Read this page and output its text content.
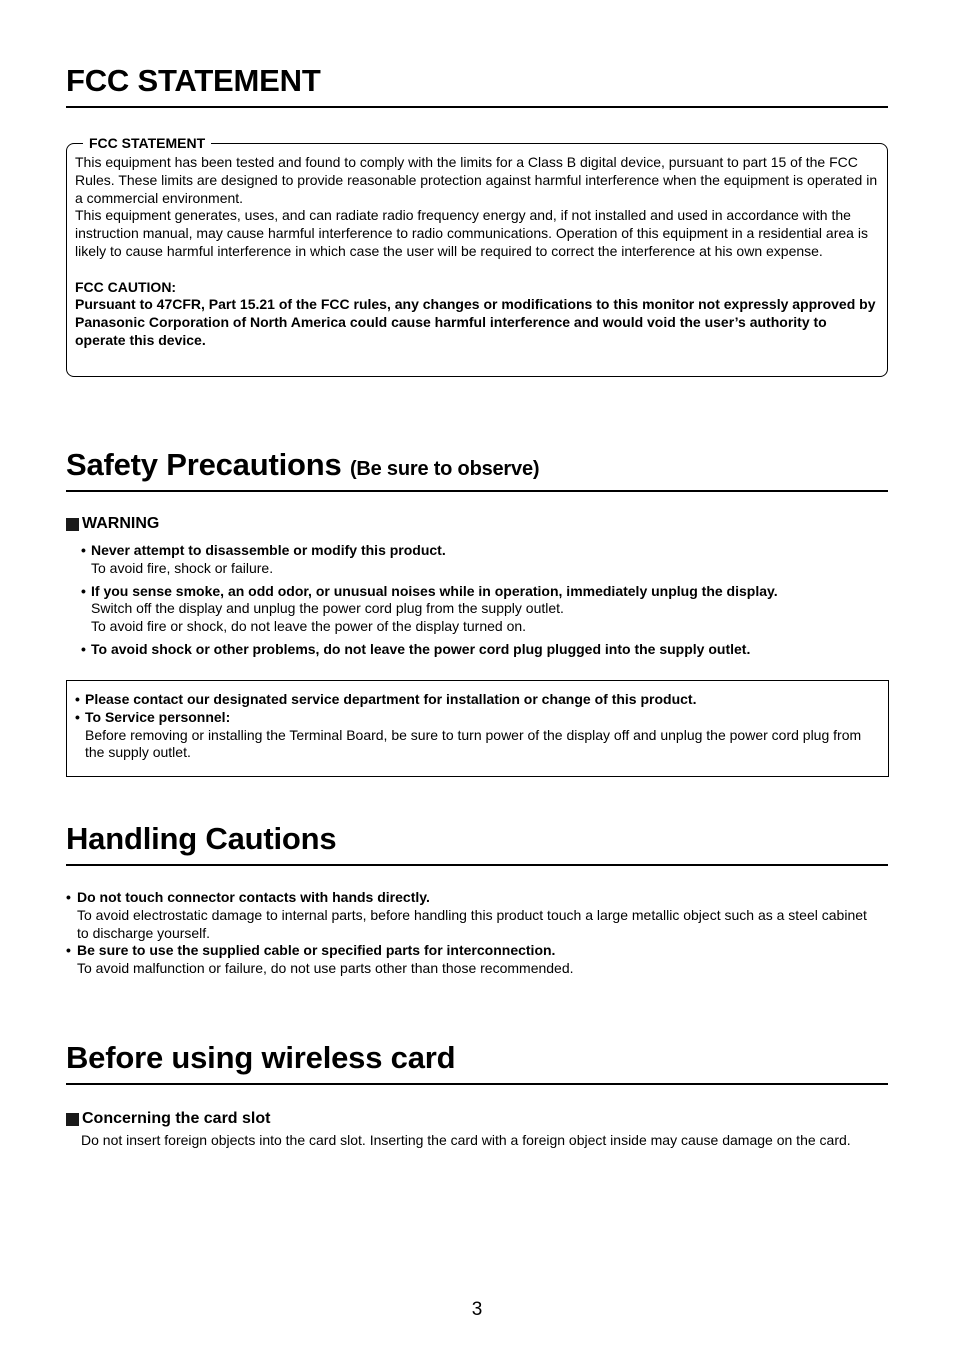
FCC STATEMENT
FCC STATEMENT

This equipment has been tested and found to comply with the limits for a Class B digital device, pursuant to part 15 of the FCC Rules. These limits are designed to provide reasonable protection against harmful interference when the equipment is operated in a commercial environment.

This equipment generates, uses, and can radiate radio frequency energy and, if not installed and used in accordance with the instruction manual, may cause harmful interference to radio communications. Operation of this equipment in a residential area is likely to cause harmful interference in which case the user will be required to correct the interference at his own expense.

FCC CAUTION:

Pursuant to 47CFR, Part 15.21 of the FCC rules, any changes or modifications to this monitor not expressly approved by Panasonic Corporation of North America could cause harmful interference and would void the user’s authority to operate this device.

Safety Precautions (Be sure to observe)
WARNING
• Never attempt to disassemble or modify this product.
To avoid fire, shock or failure.
• If you sense smoke, an odd odor, or unusual noises while in operation, immediately unplug the display.
Switch off the display and unplug the power cord plug from the supply outlet.
To avoid fire or shock, do not leave the power of the display turned on.
• To avoid shock or other problems, do not leave the power cord plug plugged into the supply outlet.
• Please contact our designated service department for installation or change of this product.
• To Service personnel:
Before removing or installing the Terminal Board, be sure to turn power of the display off and unplug the power cord plug from the supply outlet.
Handling Cautions
• Do not touch connector contacts with hands directly.
To avoid electrostatic damage to internal parts, before handling this product touch a large metallic object such as a steel cabinet to discharge yourself.
• Be sure to use the supplied cable or specified parts for interconnection.
To avoid malfunction or failure, do not use parts other than those recommended.
Before using wireless card
Concerning the card slot
Do not insert foreign objects into the card slot. Inserting the card with a foreign object inside may cause damage on the card.
3
